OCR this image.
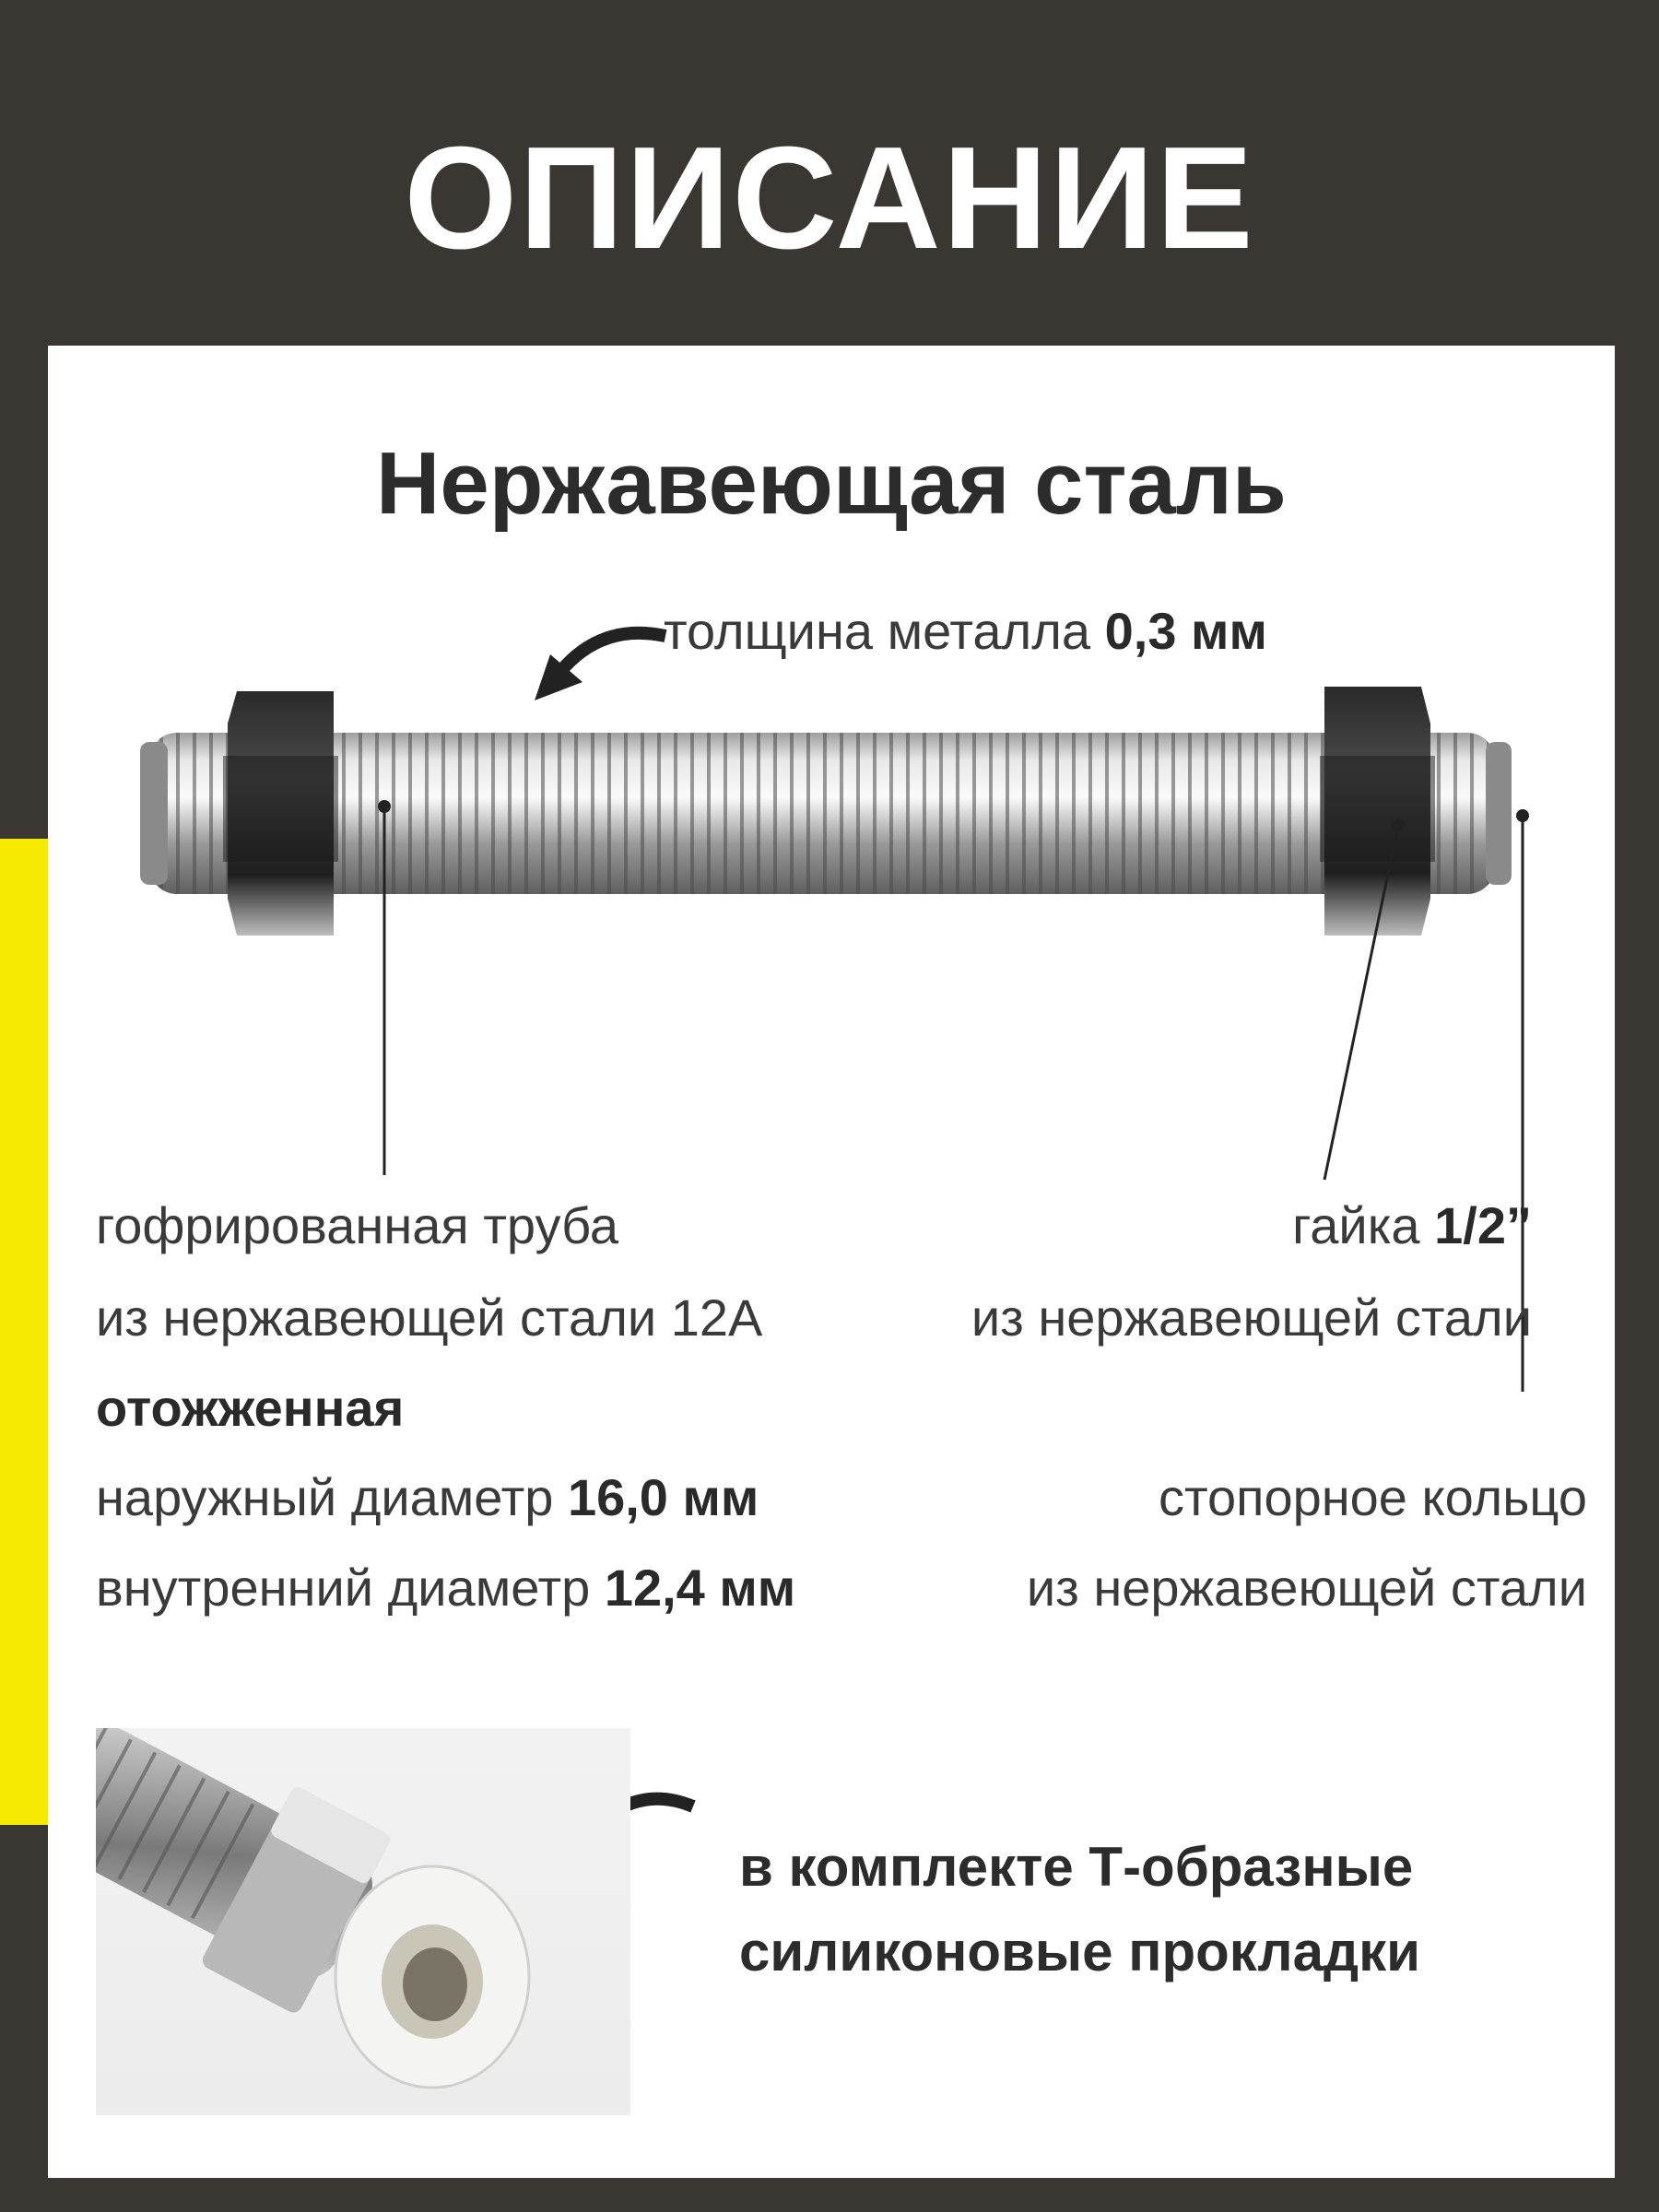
ОПИСАНИЕ
Нержавеющая сталь
толщина металла 0,3 мм
гофрированная труба
из нержавеющей стали 12А
отожженная
наружный диаметр 16,0 мм
внутренний диаметр 12,4 мм
гайка 1/2”
из нержавеющей стали
стопорное кольцо
из нержавеющей стали
в комплекте Т-образные
силиконовые прокладки
